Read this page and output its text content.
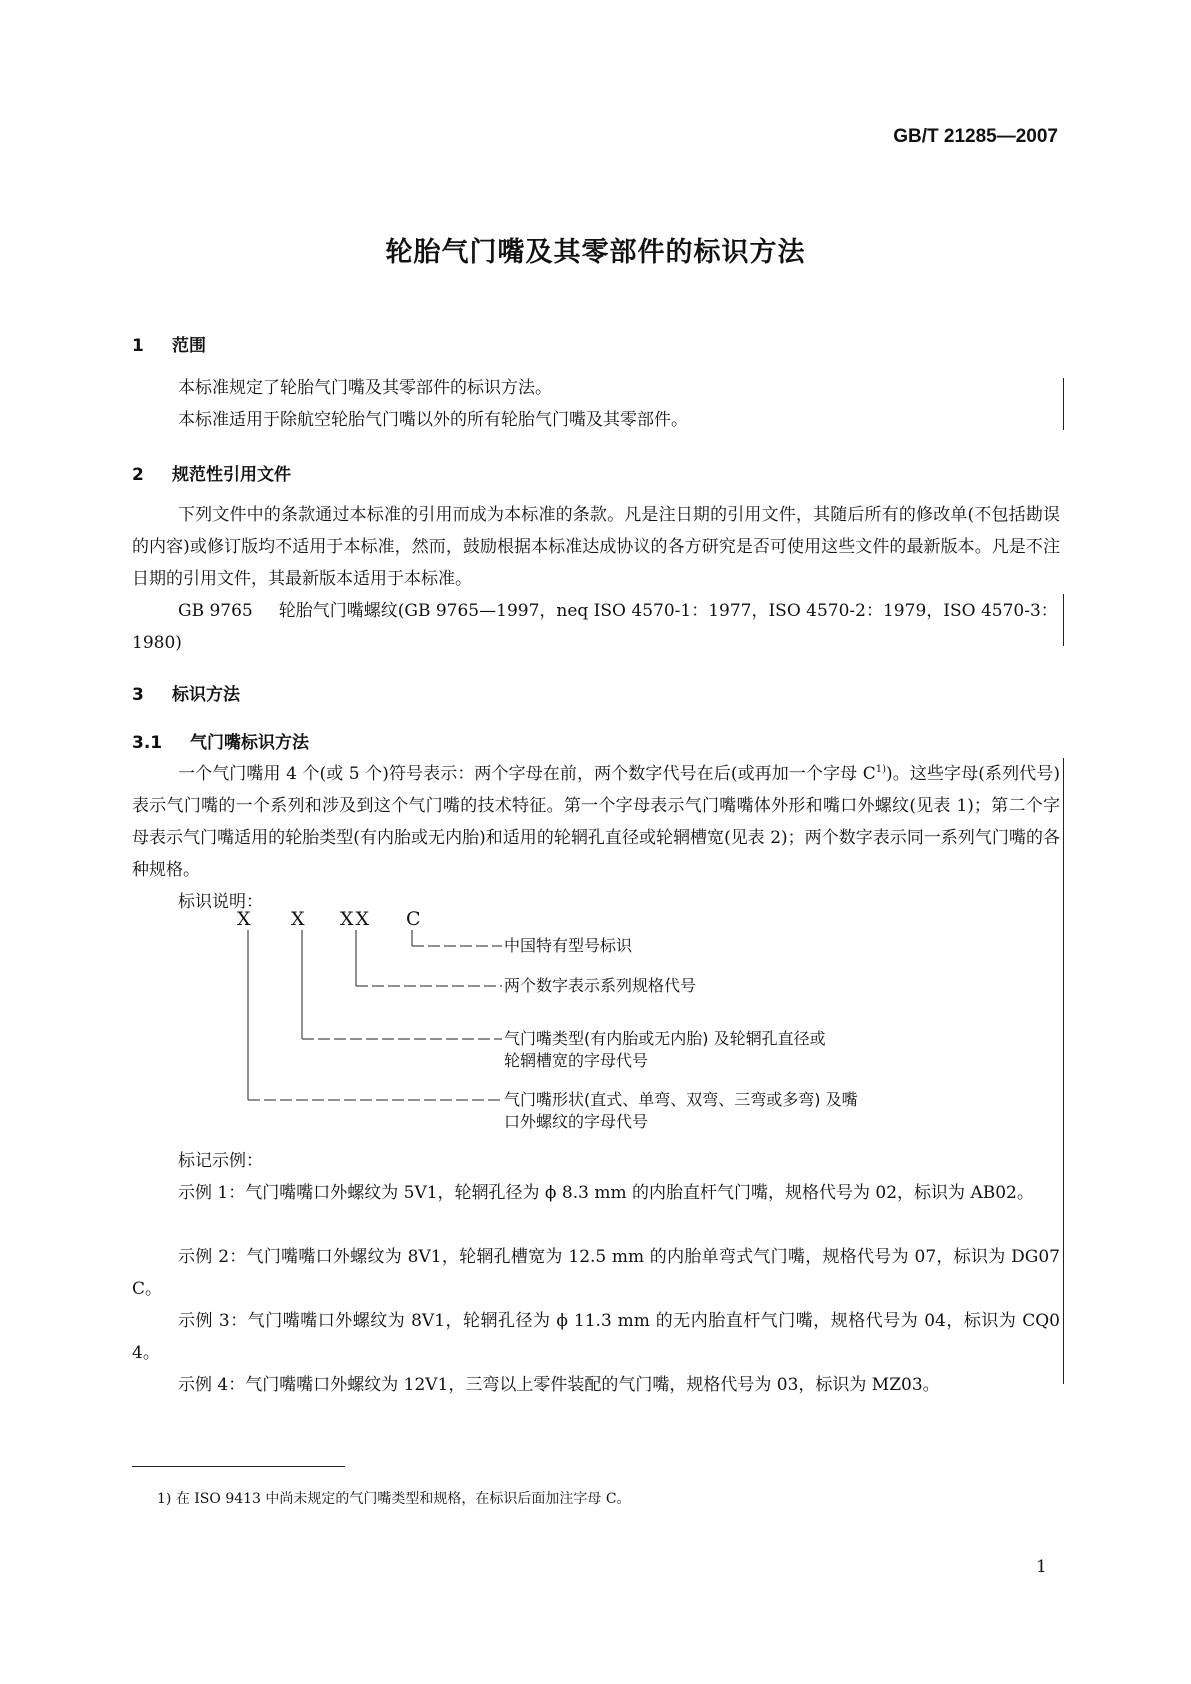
GB/T 21285—2007
轮胎气门嘴及其零部件的标识方法
1 范围
本标准规定了轮胎气门嘴及其零部件的标识方法。
本标准适用于除航空轮胎气门嘴以外的所有轮胎气门嘴及其零部件。
2 规范性引用文件
下列文件中的条款通过本标准的引用而成为本标准的条款。凡是注日期的引用文件，其随后所有的修改单(不包括勘误的内容)或修订版均不适用于本标准，然而，鼓励根据本标准达成协议的各方研究是否可使用这些文件的最新版本。凡是不注日期的引用文件，其最新版本适用于本标准。
GB 9765 轮胎气门嘴螺纹(GB 9765—1997，neq ISO 4570-1：1977，ISO 4570-2：1979，ISO 4570-3：1980)
3 标识方法
3.1 气门嘴标识方法
一个气门嘴用 4 个(或 5 个)符号表示：两个字母在前，两个数字代号在后(或再加一个字母 $C^{1)}$)。这些字母(系列代号)表示气门嘴的一个系列和涉及到这个气门嘴的技术特征。第一个字母表示气门嘴嘴体外形和嘴口外螺纹(见表 1)；第二个字母表示气门嘴适用的轮胎类型(有内胎或无内胎)和适用的轮辋孔直径或轮辋槽宽(见表 2)；两个数字表示同一系列气门嘴的各种规格。
标识说明：
X X XX C
中国特有型号标识
两个数字表示系列规格代号
气门嘴类型(有内胎或无内胎) 及轮辋孔直径或
轮辋槽宽的字母代号
气门嘴形状(直式、单弯、双弯、三弯或多弯) 及嘴
口外螺纹的字母代号
标记示例：
示例 1：气门嘴嘴口外螺纹为 5V1，轮辋孔径为 ϕ 8.3 mm 的内胎直杆气门嘴，规格代号为 02，标识为 AB02。
示例 2：气门嘴嘴口外螺纹为 8V1，轮辋孔槽宽为 12.5 mm 的内胎单弯式气门嘴，规格代号为 07，标识为 DG07C。
示例 3：气门嘴嘴口外螺纹为 8V1，轮辋孔径为 ϕ 11.3 mm 的无内胎直杆气门嘴，规格代号为 04，标识为 CQ04。
示例 4：气门嘴嘴口外螺纹为 12V1，三弯以上零件装配的气门嘴，规格代号为 03，标识为 MZ03。
1) 在 ISO 9413 中尚未规定的气门嘴类型和规格，在标识后面加注字母 C。
1
